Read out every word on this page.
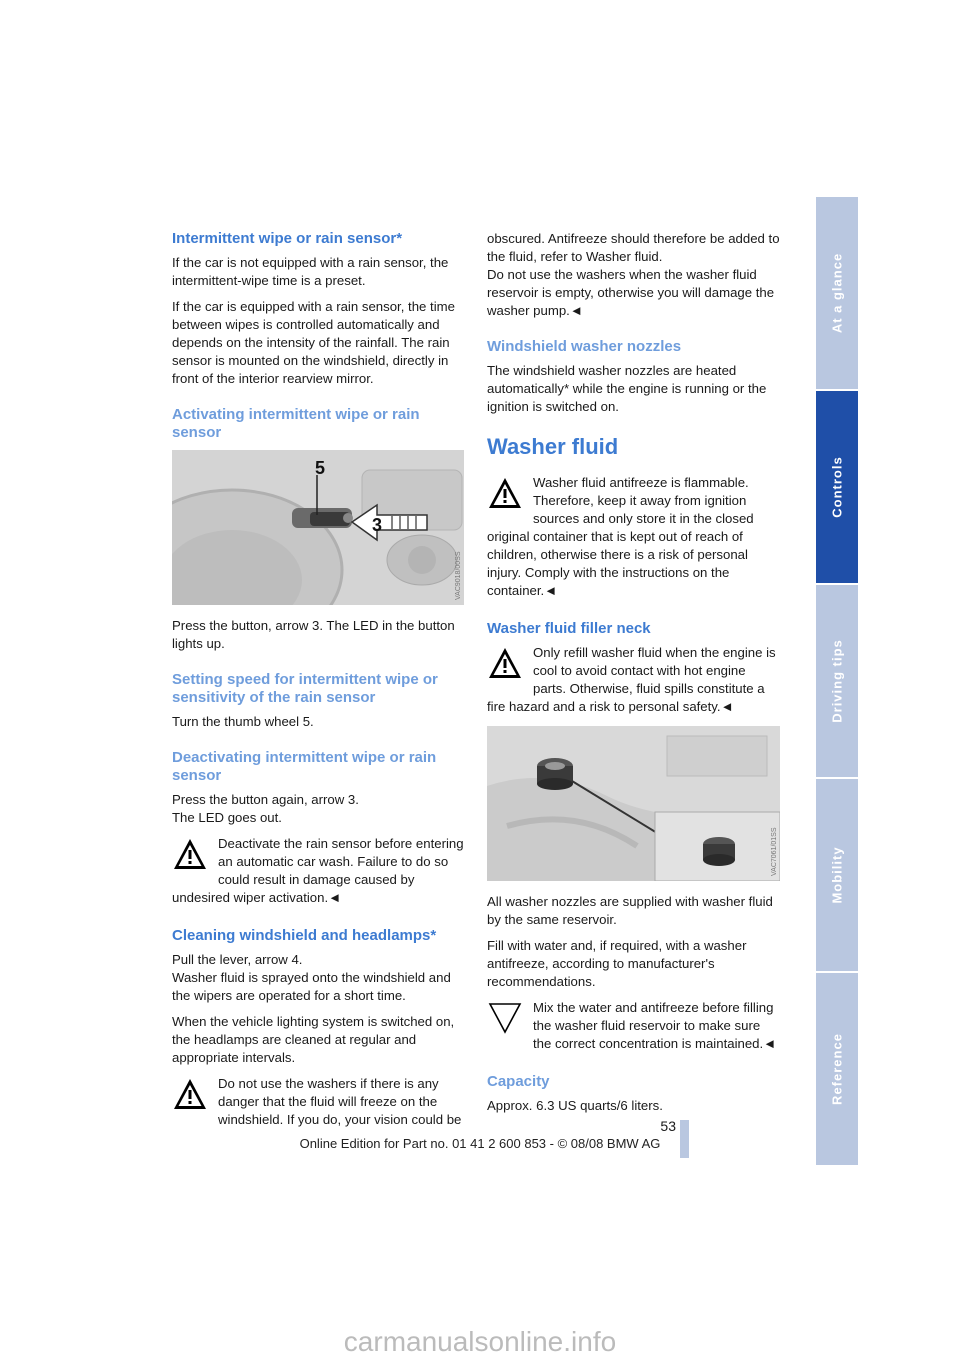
Intermittent wipe or rain sensor*

If the car is not equipped with a rain sensor, the intermittent-wipe time is a preset.

If the car is equipped with a rain sensor, the time between wipes is controlled automatically and depends on the intensity of the rainfall. The rain sensor is mounted on the windshield, directly in front of the interior rearview mirror.

Activating intermittent wipe or rain sensor
5
3
VAC9018/00SS

Press the button, arrow 3. The LED in the button lights up.

Setting speed for intermittent wipe or sensitivity of the rain sensor

Turn the thumb wheel 5.

Deactivating intermittent wipe or rain sensor

Press the button again, arrow 3.

The LED goes out.

Deactivate the rain sensor before entering an automatic car wash. Failure to do so could result in damage caused by undesired wiper activation.◄
Cleaning windshield and headlamps*

Pull the lever, arrow 4.

Washer fluid is sprayed onto the windshield and the wipers are operated for a short time.

When the vehicle lighting system is switched on, the headlamps are cleaned at regular and appropriate intervals.

Do not use the washers if there is any danger that the fluid will freeze on the windshield. If you do, your vision could be

obscured. Antifreeze should therefore be added to the fluid, refer to Washer fluid.

Do not use the washers when the washer fluid reservoir is empty, otherwise you will damage the washer pump.◄

Windshield washer nozzles

The windshield washer nozzles are heated automatically* while the engine is running or the ignition is switched on.

Washer fluid
Washer fluid antifreeze is flammable. Therefore, keep it away from ignition sources and only store it in the closed original container that is kept out of reach of children, otherwise there is a risk of personal injury. Comply with the instructions on the container.◄
Washer fluid filler neck
Only refill washer fluid when the engine is cool to avoid contact with hot engine parts. Otherwise, fluid spills constitute a fire hazard and a risk to personal safety.◄
VAC7061/01SS

All washer nozzles are supplied with washer fluid by the same reservoir.

Fill with water and, if required, with a washer antifreeze, according to manufacturer's recommendations.

Mix the water and antifreeze before filling the washer fluid reservoir to make sure the correct concentration is maintained.◄
Capacity

Approx. 6.3 US quarts/6 liters.

At a glance
Controls
Driving tips
Mobility
Reference
53
Online Edition for Part no. 01 41 2 600 853 - © 08/08 BMW AG
carmanualsonline.info
